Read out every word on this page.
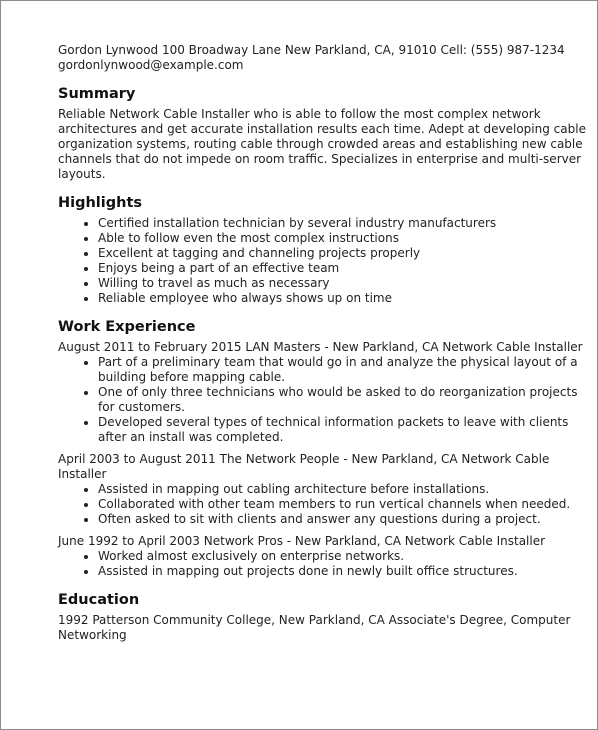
Gordon Lynwood 100 Broadway Lane New Parkland, CA, 91010 Cell: (555) 987-1234

gordonlynwood@example.com

Summary

Reliable Network Cable Installer who is able to follow the most complex network architectures and get accurate installation results each time. Adept at developing cable organization systems, routing cable through crowded areas and establishing new cable channels that do not impede on room traffic. Specializes in enterprise and multi-server layouts.

Highlights
Certified installation technician by several industry manufacturers
Able to follow even the most complex instructions
Excellent at tagging and channeling projects properly
Enjoys being a part of an effective team
Willing to travel as much as necessary
Reliable employee who always shows up on time
Work Experience

August 2011 to February 2015 LAN Masters - New Parkland, CA Network Cable Installer

Part of a preliminary team that would go in and analyze the physical layout of a building before mapping cable.
One of only three technicians who would be asked to do reorganization projects for customers.
Developed several types of technical information packets to leave with clients after an install was completed.

April 2003 to August 2011 The Network People - New Parkland, CA Network Cable Installer

Assisted in mapping out cabling architecture before installations.
Collaborated with other team members to run vertical channels when needed.
Often asked to sit with clients and answer any questions during a project.

June 1992 to April 2003 Network Pros - New Parkland, CA Network Cable Installer

Worked almost exclusively on enterprise networks.
Assisted in mapping out projects done in newly built office structures.
Education

1992 Patterson Community College, New Parkland, CA Associate's Degree, Computer Networking
